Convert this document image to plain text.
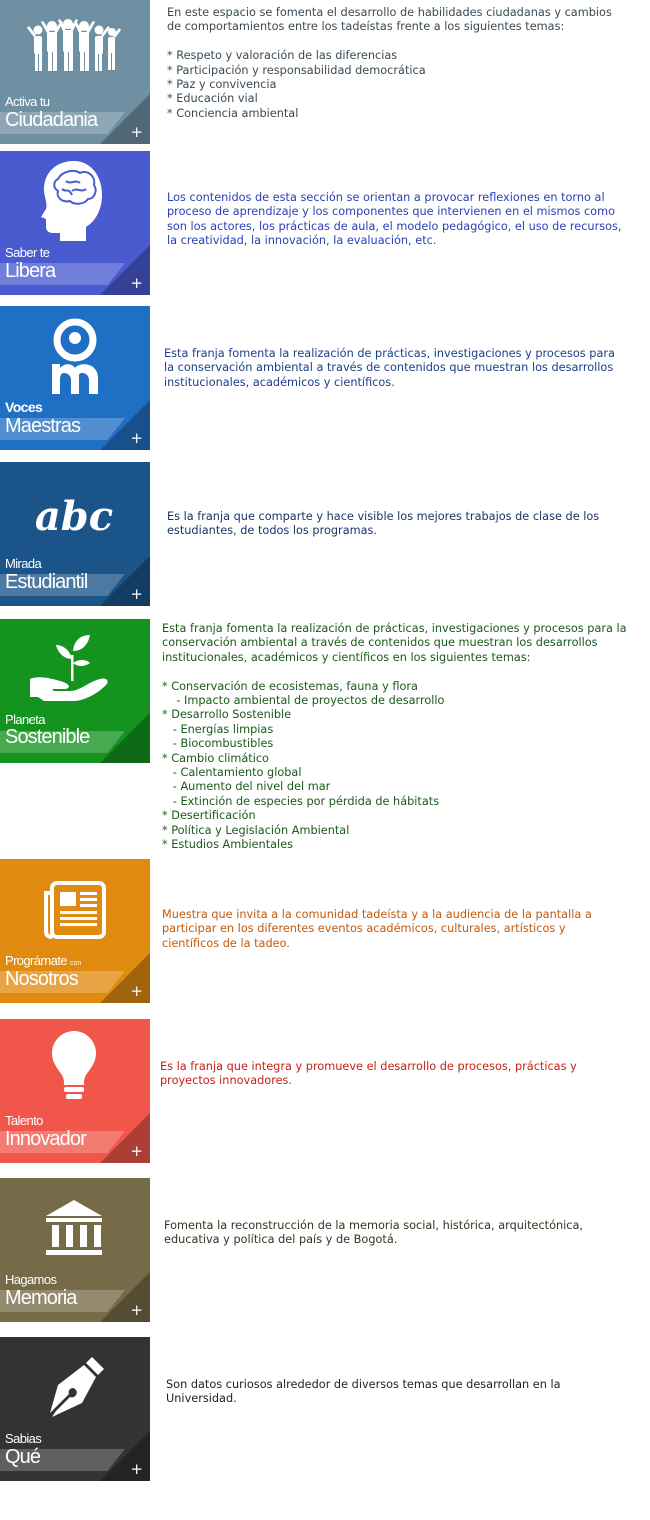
Activa tu
Ciudadania
+

En este espacio se fomenta el desarrollo de habilidades ciudadanas y cambios
de comportamientos entre los tadeístas frente a los siguientes temas:

* Respeto y valoración de las diferencias
* Participación y responsabilidad democrática
* Paz y convivencia
* Educación vial
* Conciencia ambiental

Saber te
Libera
+

Los contenidos de esta sección se orientan a provocar reflexiones en torno al
proceso de aprendizaje y los componentes que intervienen en el mismos como
son los actores, los prácticas de aula, el modelo pedagógico, el uso de recursos,
la creatividad, la innovación, la evaluación, etc.

Voces
Maestras
+

Esta franja fomenta la realización de prácticas, investigaciones y procesos para
la conservación ambiental a través de contenidos que muestran los desarrollos
institucionales, académicos y científicos.

abc
Mirada
Estudiantil
+

Es la franja que comparte y hace visible los mejores trabajos de clase de los
estudiantes, de todos los programas.

Planeta
Sostenible

Esta franja fomenta la realización de prácticas, investigaciones y procesos para la
conservación ambiental a través de contenidos que muestran los desarrollos
institucionales, académicos y científicos en los siguientes temas:

* Conservación de ecosistemas, fauna y flora
- Impacto ambiental de proyectos de desarrollo
* Desarrollo Sostenible
- Energías limpias
- Biocombustibles
* Cambio climático
- Calentamiento global
- Aumento del nivel del mar
- Extinción de especies por pérdida de hábitats
* Desertificación
* Política y Legislación Ambiental
* Estudios Ambientales

Prográmate con
Nosotros
+

Muestra que invita a la comunidad tadeísta y a la audiencia de la pantalla a
participar en los diferentes eventos académicos, culturales, artísticos y
científicos de la tadeo.

Talento
Innovador
+

Es la franja que integra y promueve el desarrollo de procesos, prácticas y
proyectos innovadores.

Hagamos
Memoria
+

Fomenta la reconstrucción de la memoria social, histórica, arquitectónica,
educativa y política del país y de Bogotá.

Sabias
Qué
+

Son datos curiosos alrededor de diversos temas que desarrollan en la
Universidad.
